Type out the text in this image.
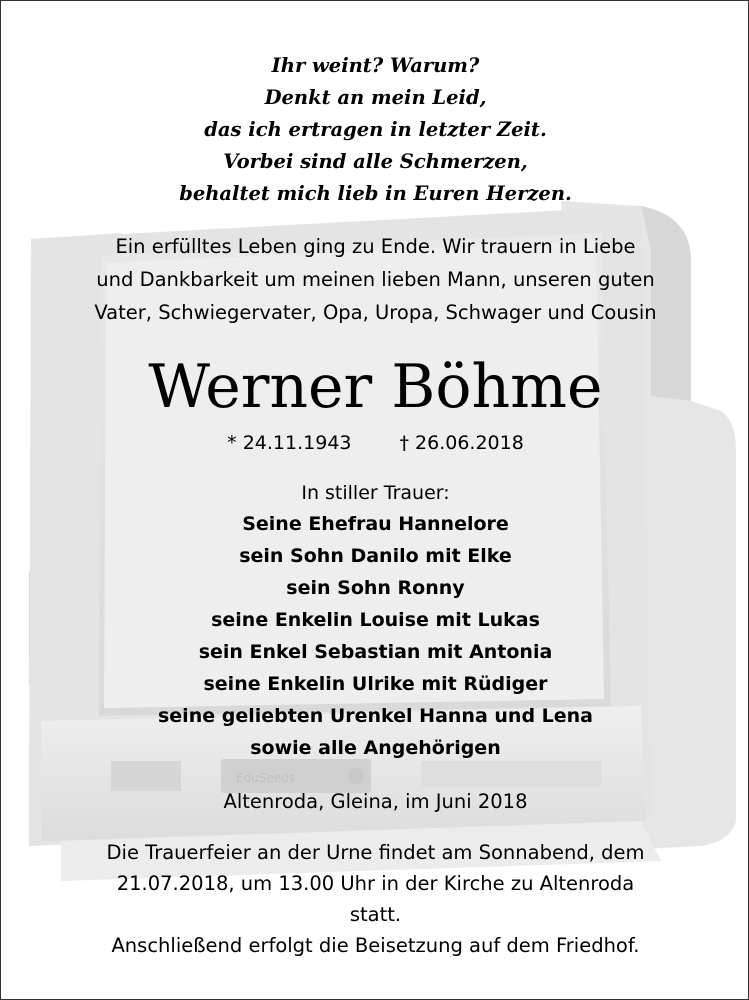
EduSeeds
Ihr weint? Warum?
Denkt an mein Leid,
das ich ertragen in letzter Zeit.
Vorbei sind alle Schmerzen,
behaltet mich lieb in Euren Herzen.
Ein erfülltes Leben ging zu Ende. Wir trauern in Liebe
und Dankbarkeit um meinen lieben Mann, unseren guten
Vater, Schwiegervater, Opa, Uropa, Schwager und Cousin
Werner Böhme
* 24.11.1943	† 26.06.2018
In stiller Trauer:
Seine Ehefrau Hannelore
sein Sohn Danilo mit Elke
sein Sohn Ronny
seine Enkelin Louise mit Lukas
sein Enkel Sebastian mit Antonia
seine Enkelin Ulrike mit Rüdiger
seine geliebten Urenkel Hanna und Lena
sowie alle Angehörigen
Altenroda, Gleina, im Juni 2018
Die Trauerfeier an der Urne findet am Sonnabend, dem
21.07.2018, um 13.00 Uhr in der Kirche zu Altenroda
statt.
Anschließend erfolgt die Beisetzung auf dem Friedhof.
